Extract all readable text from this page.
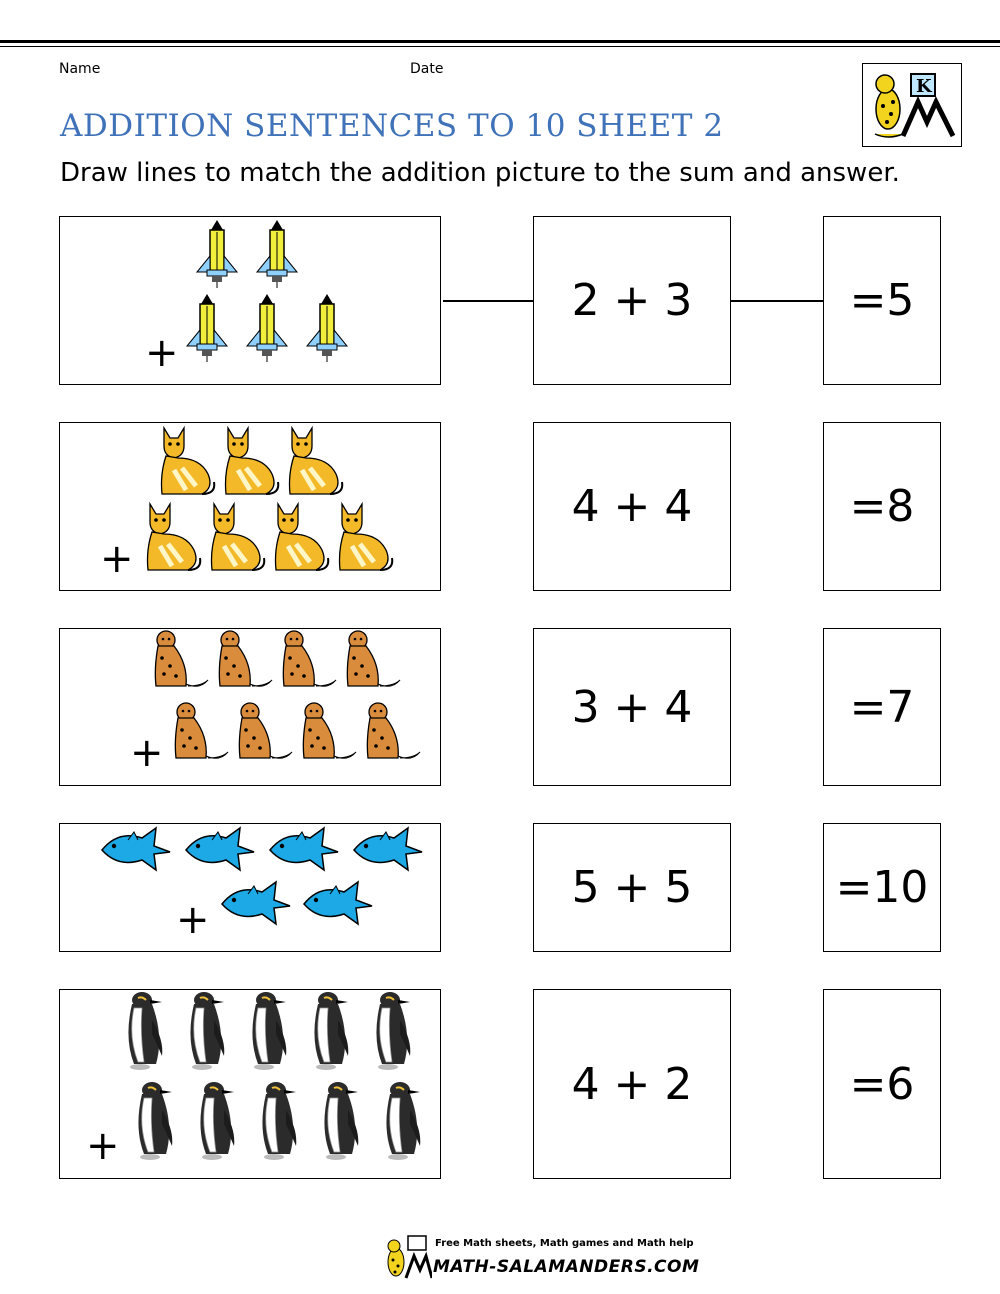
Name	Date
K
ADDITION SENTENCES TO 10 SHEET 2
Draw lines to match the addition picture to the sum and answer.
+
2 + 3	=5
+
4 + 4	=8
+
3 + 4	=7
+
5 + 5	=10
+
4 + 2	=6
Free Math sheets, Math games and Math help
MATH-SALAMANDERS.COM
